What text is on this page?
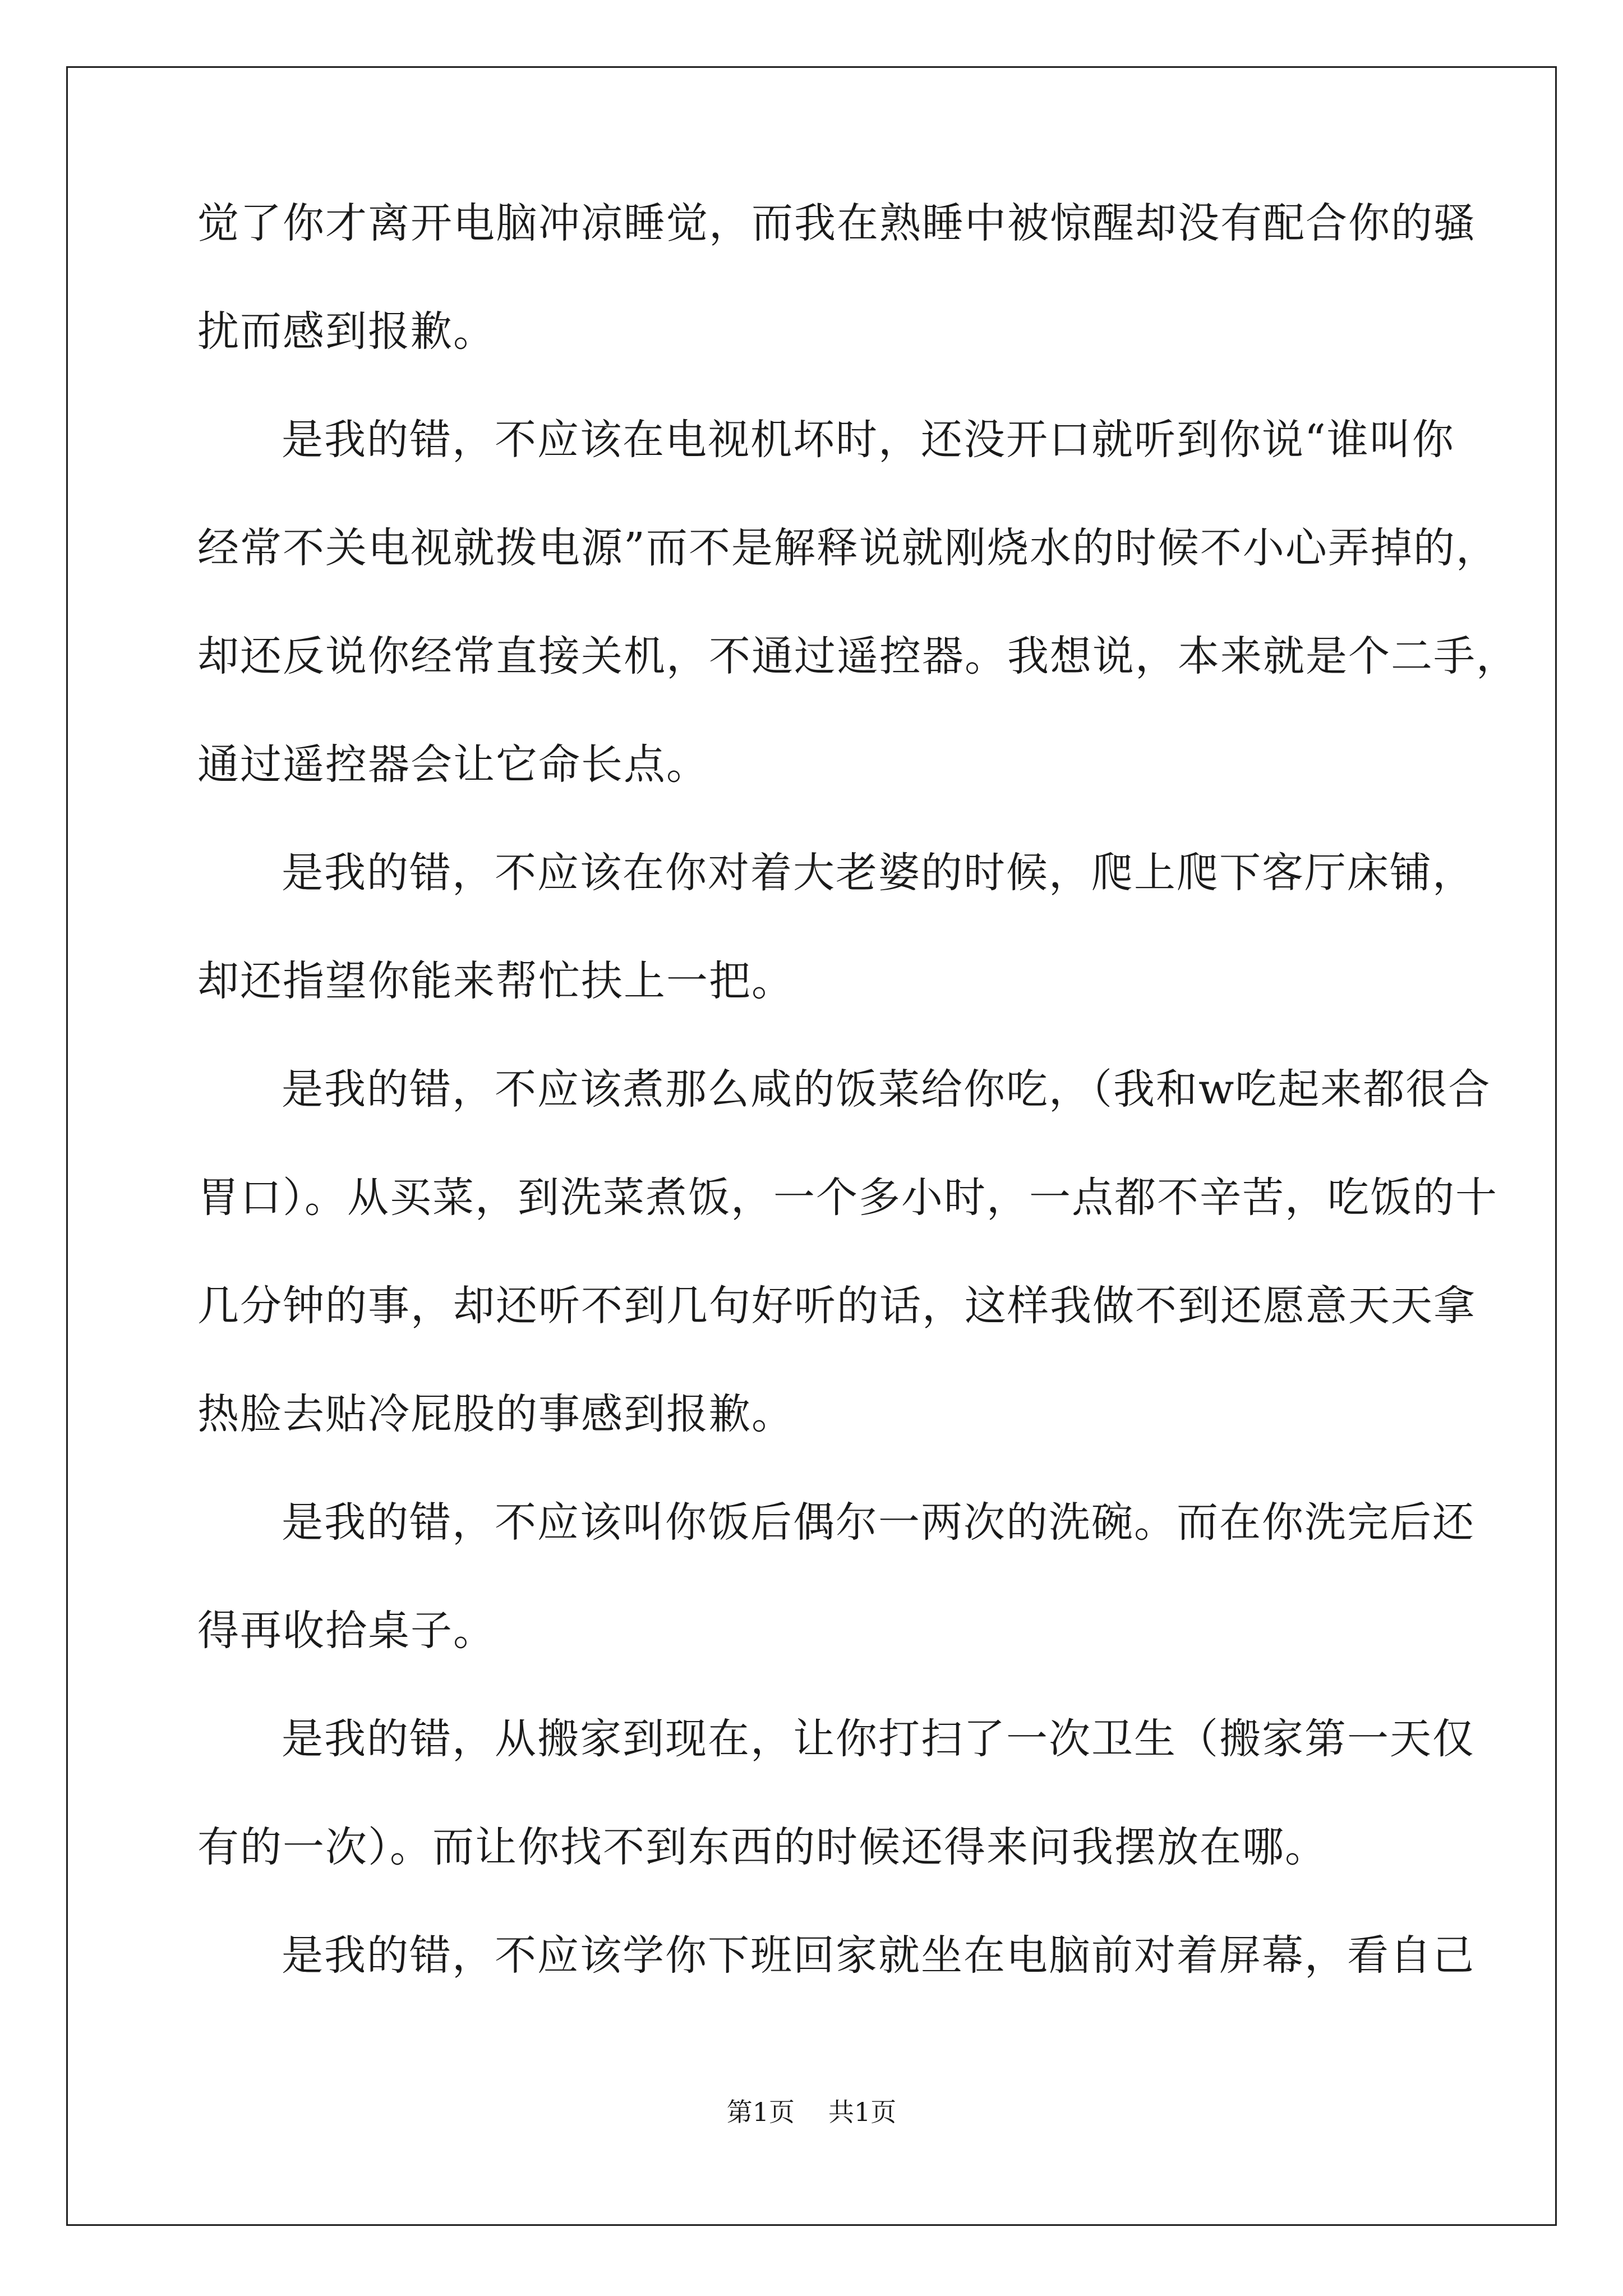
觉了你才离开电脑冲凉睡觉，而我在熟睡中被惊醒却没有配合你的骚
扰而感到报歉。
是我的错，不应该在电视机坏时，还没开口就听到你说“谁叫你
经常不关电视就拨电源”而不是解释说就刚烧水的时候不小心弄掉的，
却还反说你经常直接关机，不通过遥控器。我想说，本来就是个二手，
通过遥控器会让它命长点。
是我的错，不应该在你对着大老婆的时候，爬上爬下客厅床铺，
却还指望你能来帮忙扶上一把。
是我的错，不应该煮那么咸的饭菜给你吃，（我和w吃起来都很合
胃口）。从买菜，到洗菜煮饭，一个多小时，一点都不辛苦，吃饭的十
几分钟的事，却还听不到几句好听的话，这样我做不到还愿意天天拿
热脸去贴冷屁股的事感到报歉。
是我的错，不应该叫你饭后偶尔一两次的洗碗。而在你洗完后还
得再收拾桌子。
是我的错，从搬家到现在，让你打扫了一次卫生（搬家第一天仅
有的一次）。而让你找不到东西的时候还得来问我摆放在哪。
是我的错，不应该学你下班回家就坐在电脑前对着屏幕，看自己
第1页 共1页
